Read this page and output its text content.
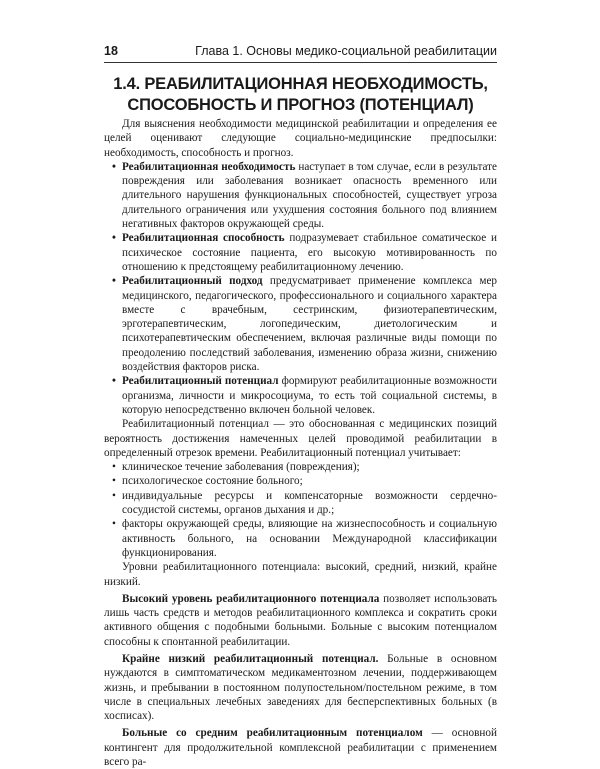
18	Глава 1. Основы медико-социальной реабилитации
1.4. РЕАБИЛИТАЦИОННАЯ НЕОБХОДИМОСТЬ,
СПОСОБНОСТЬ И ПРОГНОЗ (ПОТЕНЦИАЛ)

Для выяснения необходимости медицинской реабилитации и определения ее целей оценивают следующие социально-медицинские предпосылки: необходимость, способность и прогноз.

• Реабилитационная необходимость наступает в том случае, если в результате повреждения или заболевания возникает опасность временного или длительного нарушения функциональных способностей, существует угроза длительного ограничения или ухудшения состояния больного под влиянием негативных факторов окружающей среды.
• Реабилитационная способность подразумевает стабильное соматическое и психическое состояние пациента, его высокую мотивированность по отношению к предстоящему реабилитационному лечению.
• Реабилитационный подход предусматривает применение комплекса мер медицинского, педагогического, профессионального и социального характера вместе с врачебным, сестринским, физиотерапевтическим, эрготерапевтическим, логопедическим, диетологическим и психотерапевтическим обеспечением, включая различные виды помощи по преодолению последствий заболевания, изменению образа жизни, снижению воздействия факторов риска.
• Реабилитационный потенциал формируют реабилитационные возможности организма, личности и микросоциума, то есть той социальной системы, в которую непосредственно включен больной человек.

Реабилитационный потенциал — это обоснованная с медицинских позиций вероятность достижения намеченных целей проводимой реабилитации в определенный отрезок времени. Реабилитационный потенциал учитывает:

• клиническое течение заболевания (повреждения);
• психологическое состояние больного;
• индивидуальные ресурсы и компенсаторные возможности сердечно-сосудистой системы, органов дыхания и др.;
• факторы окружающей среды, влияющие на жизнеспособность и социальную активность больного, на основании Международной классификации функционирования.

Уровни реабилитационного потенциала: высокий, средний, низкий, крайне низкий.

Высокий уровень реабилитационного потенциала позволяет использовать лишь часть средств и методов реабилитационного комплекса и сократить сроки активного общения с подобными больными. Больные с высоким потенциалом способны к спонтанной реабилитации.

Крайне низкий реабилитационный потенциал. Больные в основном нуждаются в симптоматическом медикаментозном лечении, поддерживающем жизнь, и пребывании в постоянном полупостельном/постельном режиме, в том числе в специальных лечебных заведениях для бесперспективных больных (в хосписах).

Больные со средним реабилитационным потенциалом — основной контингент для продолжительной комплексной реабилитации с применением всего ра-
